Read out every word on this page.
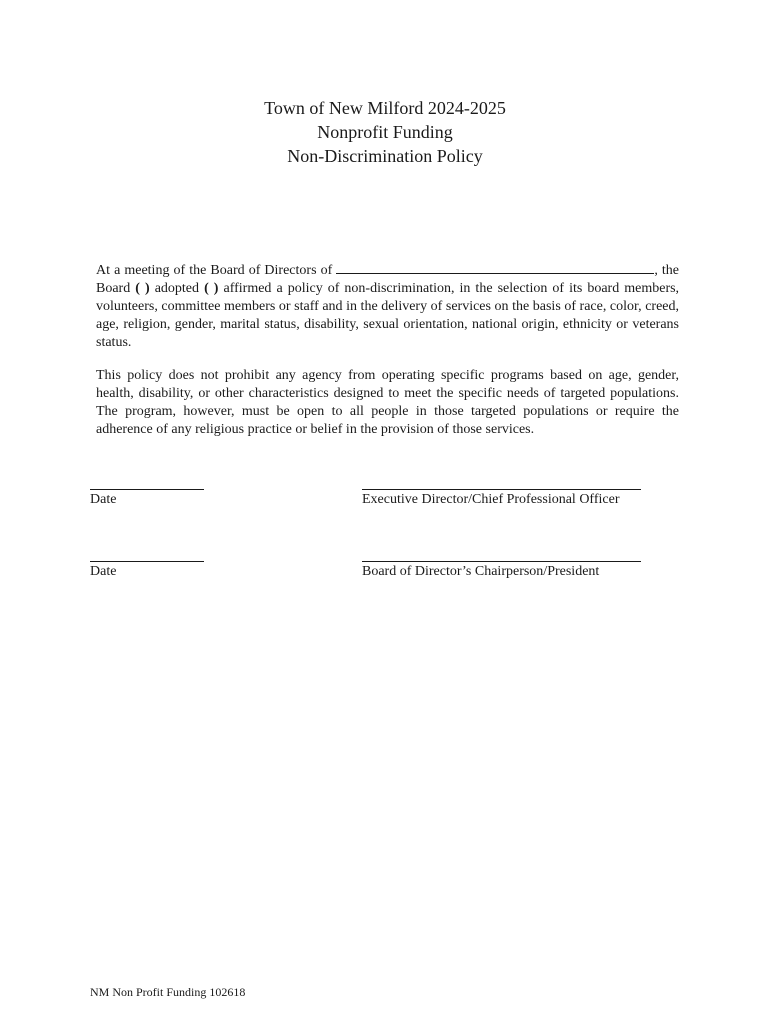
Town of New Milford 2024-2025
Nonprofit Funding
Non-Discrimination Policy

At a meeting of the Board of Directors of	, the Board ( ) adopted ( ) affirmed a policy of non-discrimination, in the selection of its board members, volunteers, committee members or staff and in the delivery of services on the basis of race, color, creed, age, religion, gender, marital status, disability, sexual orientation, national origin, ethnicity or veterans status.

This policy does not prohibit any agency from operating specific programs based on age, gender, health, disability, or other characteristics designed to meet the specific needs of targeted populations. The program, however, must be open to all people in those targeted populations or require the adherence of any religious practice or belief in the provision of those services.

Date	Executive Director/Chief Professional Officer
Date	Board of Director’s Chairperson/President
NM Non Profit Funding 102618
